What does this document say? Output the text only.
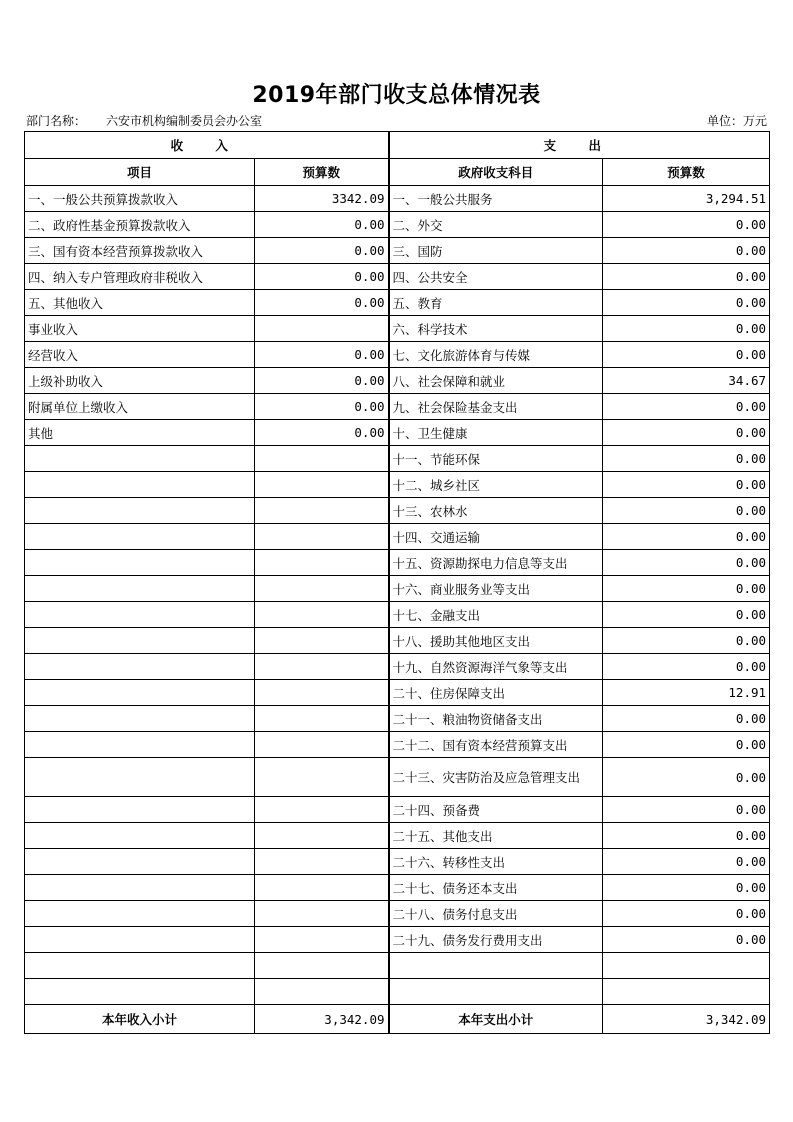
2019年部门收支总体情况表
部门名称： 六安市机构编制委员会办公室	单位：万元
收 入		支 出	
项目	预算数	政府收支科目	预算数
一、一般公共预算拨款收入	3342.09	一、一般公共服务	3,294.51
二、政府性基金预算拨款收入	0.00	二、外交	0.00
三、国有资本经营预算拨款收入	0.00	三、国防	0.00
四、纳入专户管理政府非税收入	0.00	四、公共安全	0.00
五、其他收入	0.00	五、教育	0.00
事业收入		六、科学技术	0.00
经营收入	0.00	七、文化旅游体育与传媒	0.00
上级补助收入	0.00	八、社会保障和就业	34.67
附属单位上缴收入	0.00	九、社会保险基金支出	0.00
其他	0.00	十、卫生健康	0.00
		十一、节能环保	0.00
		十二、城乡社区	0.00
		十三、农林水	0.00
		十四、交通运输	0.00
		十五、资源勘探电力信息等支出	0.00
		十六、商业服务业等支出	0.00
		十七、金融支出	0.00
		十八、援助其他地区支出	0.00
		十九、自然资源海洋气象等支出	0.00
		二十、住房保障支出	12.91
		二十一、粮油物资储备支出	0.00
		二十二、国有资本经营预算支出	0.00
		二十三、灾害防治及应急管理支出	0.00
		二十四、预备费	0.00
		二十五、其他支出	0.00
		二十六、转移性支出	0.00
		二十七、债务还本支出	0.00
		二十八、债务付息支出	0.00
		二十九、债务发行费用支出	0.00

本年收入小计	3,342.09	本年支出小计	3,342.09
